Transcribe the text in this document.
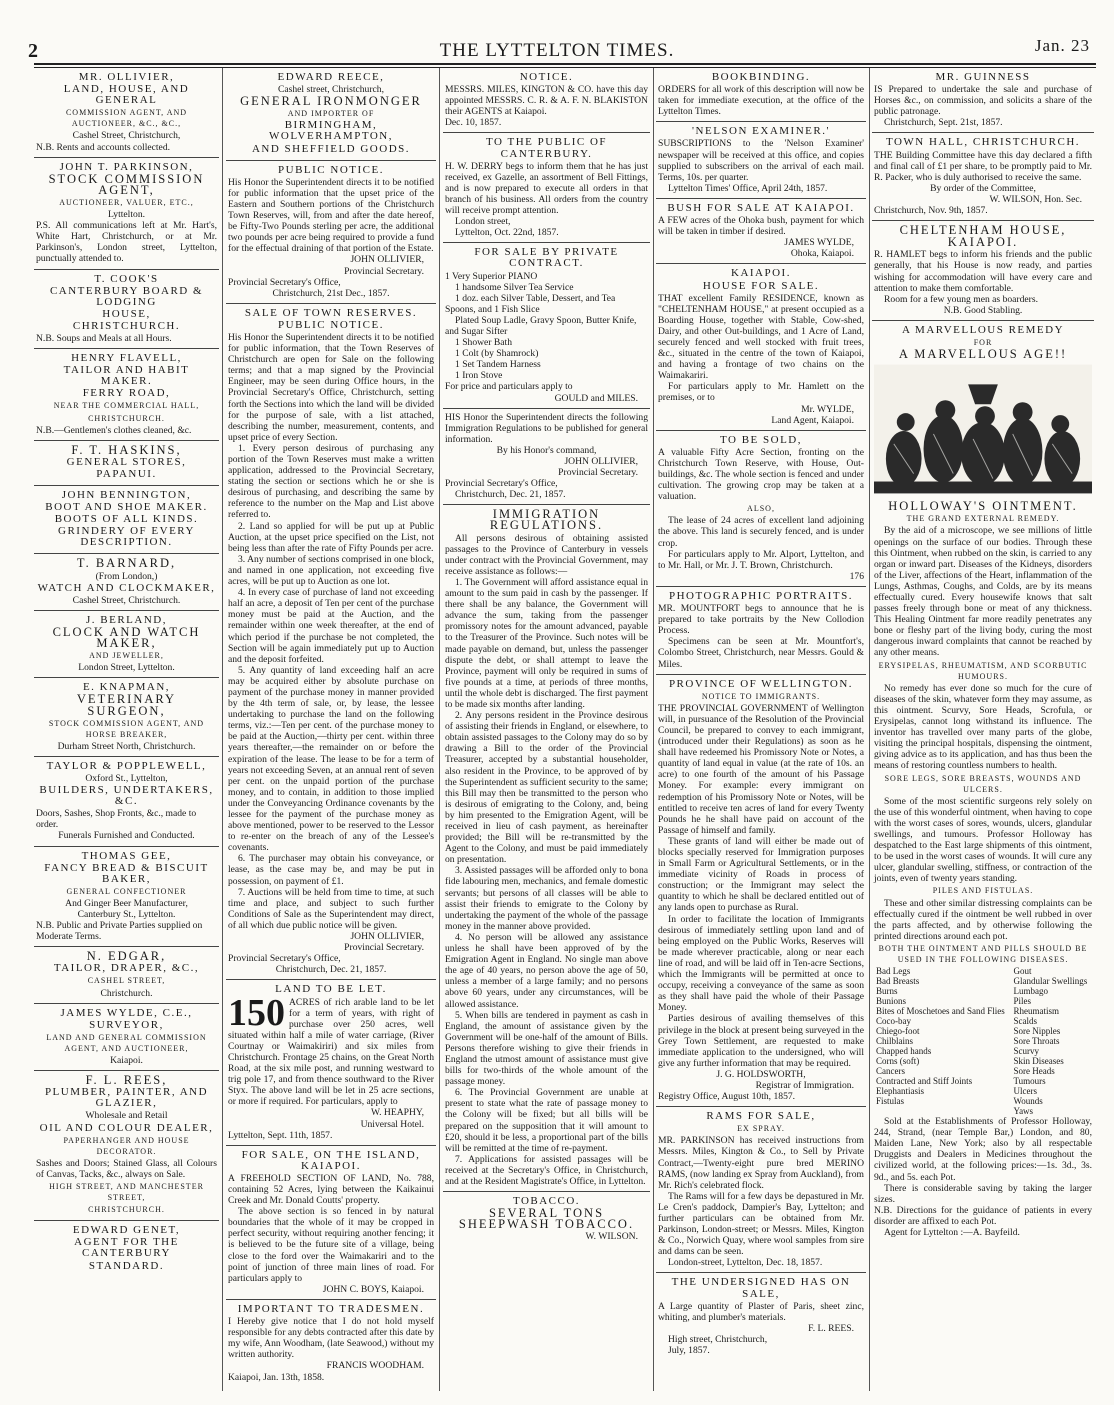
2	THE LYTTELTON TIMES.	Jan. 23

MR. OLLIVIER,

LAND, HOUSE, AND GENERAL

COMMISSION AGENT, AND AUCTIONEER, &C., &C.,

Cashel Street, Christchurch,

N.B. Rents and accounts collected.

JOHN T. PARKINSON,

STOCK COMMISSION AGENT,

AUCTIONEER, VALUER, ETC.,

Lyttelton.

P.S. All communications left at Mr. Hart's, White Hart, Christchurch, or at Mr. Parkinson's, London street, Lyttelton, punctually attended to.

T. COOK'S

CANTERBURY BOARD & LODGING

HOUSE,

CHRISTCHURCH.

N.B. Soups and Meals at all Hours.

HENRY FLAVELL,

TAILOR AND HABIT MAKER.

FERRY ROAD,

NEAR THE COMMERCIAL HALL,

CHRISTCHURCH.

N.B.—Gentlemen's clothes cleaned, &c.

F. T. HASKINS,

GENERAL STORES,

PAPANUI.

JOHN BENNINGTON,

BOOT AND SHOE MAKER.

BOOTS OF ALL KINDS.

GRINDERY OF EVERY DESCRIPTION.

T. BARNARD,

(From London,)

WATCH AND CLOCKMAKER,

Cashel Street, Christchurch.

J. BERLAND,

CLOCK AND WATCH MAKER,

AND JEWELLER,

London Street, Lyttelton.

E. KNAPMAN,

VETERINARY SURGEON,

STOCK COMMISSION AGENT, AND HORSE BREAKER,

Durham Street North, Christchurch.

TAYLOR & POPPLEWELL,

Oxford St., Lyttelton,

BUILDERS, UNDERTAKERS, &C.

Doors, Sashes, Shop Fronts, &c., made to order.

Funerals Furnished and Conducted.

THOMAS GEE,

FANCY BREAD & BISCUIT BAKER,

GENERAL CONFECTIONER

And Ginger Beer Manufacturer,

Canterbury St., Lyttelton.

N.B. Public and Private Parties supplied on Moderate Terms.

N. EDGAR,

TAILOR, DRAPER, &C.,

CASHEL STREET,

Christchurch.

JAMES WYLDE, C.E.,

SURVEYOR,

LAND AND GENERAL COMMISSION AGENT, AND AUCTIONEER,

Kaiapoi.

F. L. REES,

PLUMBER, PAINTER, AND GLAZIER,

Wholesale and Retail

OIL AND COLOUR DEALER,

PAPERHANGER AND HOUSE DECORATOR.

Sashes and Doors; Stained Glass, all Colours of Canvas, Tacks, &c., always on Sale.

HIGH STREET, AND MANCHESTER STREET,

CHRISTCHURCH.

EDWARD GENET,

AGENT FOR THE CANTERBURY

STANDARD.

EDWARD REECE,

Cashel street, Christchurch,

GENERAL IRONMONGER

AND IMPORTER OF

BIRMINGHAM, WOLVERHAMPTON,

AND SHEFFIELD GOODS.

PUBLIC NOTICE.

His Honor the Superintendent directs it to be notified for public information that the upset price of the Eastern and Southern portions of the Christchurch Town Reserves, will, from and after the date hereof, be Fifty-Two Pounds sterling per acre, the additional two pounds per acre being required to provide a fund for the effectual draining of that portion of the Estate.

JOHN OLLIVIER,

Provincial Secretary.

Provincial Secretary's Office,

Christchurch, 21st Dec., 1857.

SALE OF TOWN RESERVES.

PUBLIC NOTICE.

His Honor the Superintendent directs it to be notified for public information, that the Town Reserves of Christchurch are open for Sale on the following terms; and that a map signed by the Provincial Engineer, may be seen during Office hours, in the Provincial Secretary's Office, Christchurch, setting forth the Sections into which the land will be divided for the purpose of sale, with a list attached, describing the number, measurement, contents, and upset price of every Section.

1. Every person desirous of purchasing any portion of the Town Reserves must make a written application, addressed to the Provincial Secretary, stating the section or sections which he or she is desirous of purchasing, and describing the same by reference to the number on the Map and List above referred to.

2. Land so applied for will be put up at Public Auction, at the upset price specified on the List, not being less than after the rate of Fifty Pounds per acre.

3. Any number of sections comprised in one block, and named in one application, not exceeding five acres, will be put up to Auction as one lot.

4. In every case of purchase of land not exceeding half an acre, a deposit of Ten per cent of the purchase money must be paid at the Auction, and the remainder within one week thereafter, at the end of which period if the purchase be not completed, the Section will be again immediately put up to Auction and the deposit forfeited.

5. Any quantity of land exceeding half an acre may be acquired either by absolute purchase on payment of the purchase money in manner provided by the 4th term of sale, or, by lease, the lessee undertaking to purchase the land on the following terms, viz.:—Ten per cent. of the purchase money to be paid at the Auction,—thirty per cent. within three years thereafter,—the remainder on or before the expiration of the lease. The lease to be for a term of years not exceeding Seven, at an annual rent of seven per cent. on the unpaid portion of the purchase money, and to contain, in addition to those implied under the Conveyancing Ordinance covenants by the lessee for the payment of the purchase money as above mentioned, power to be reserved to the Lessor to re-enter on the breach of any of the Lessee's covenants.

6. The purchaser may obtain his conveyance, or lease, as the case may be, and may be put in possession, on payment of £1.

7. Auctions will be held from time to time, at such time and place, and subject to such further Conditions of Sale as the Superintendent may direct, of all which due public notice will be given.

JOHN OLLIVIER,

Provincial Secretary.

Provincial Secretary's Office,

Christchurch, Dec. 21, 1857.

LAND TO BE LET.

150 ACRES of rich arable land to be let for a term of years, with right of purchase over 250 acres, well situated within half a mile of water carriage, (River Courtnay or Waimakiriri) and six miles from Christchurch. Frontage 25 chains, on the Great North Road, at the six mile post, and running westward to trig pole 17, and from thence southward to the River Styx. The above land will be let in 25 acre sections, or more if required. For particulars, apply to

W. HEAPHY,

Universal Hotel.

Lyttelton, Sept. 11th, 1857.

FOR SALE, ON THE ISLAND, KAIAPOI.

A FREEHOLD SECTION OF LAND, No. 788, containing 52 Acres, lying between the Kaikainui Creek and Mr. Donald Coutts' property.

The above section is so fenced in by natural boundaries that the whole of it may be cropped in perfect security, without requiring another fencing; it is believed to be the future site of a village, being close to the ford over the Waimakariri and to the point of junction of three main lines of road. For particulars apply to

JOHN C. BOYS, Kaiapoi.

IMPORTANT TO TRADESMEN.

I Hereby give notice that I do not hold myself responsible for any debts contracted after this date by my wife, Ann Woodham, (late Seawood,) without my written authority.

FRANCIS WOODHAM.

Kaiapoi, Jan. 13th, 1858.

NOTICE.

MESSRS. MILES, KINGTON & CO. have this day appointed MESSRS. C. R. & A. F. N. BLAKISTON their AGENTS at Kaiapoi.

Dec. 10, 1857.

TO THE PUBLIC OF CANTERBURY.

H. W. DERRY begs to inform them that he has just received, ex Gazelle, an assortment of Bell Fittings, and is now prepared to execute all orders in that branch of his business. All orders from the country will receive prompt attention.

London street,

Lyttelton, Oct. 22nd, 1857.

FOR SALE BY PRIVATE CONTRACT.

1 Very Superior PIANO

1 handsome Silver Tea Service

1 doz. each Silver Table, Dessert, and Tea Spoons, and 1 Fish Slice

Plated Soup Ladle, Gravy Spoon, Butter Knife, and Sugar Sifter

1 Shower Bath

1 Colt (by Shamrock)

1 Set Tandem Harness

1 Iron Stove

For price and particulars apply to

GOULD and MILES.

HIS Honor the Superintendent directs the following Immigration Regulations to be published for general information.

By his Honor's command,

JOHN OLLIVIER,

Provincial Secretary.

Provincial Secretary's Office,

Christchurch, Dec. 21, 1857.

IMMIGRATION REGULATIONS.

All persons desirous of obtaining assisted passages to the Province of Canterbury in vessels under contract with the Provincial Government, may receive assistance as follows:—

1. The Government will afford assistance equal in amount to the sum paid in cash by the passenger. If there shall be any balance, the Government will advance the sum, taking from the passenger promissory notes for the amount advanced, payable to the Treasurer of the Province. Such notes will be made payable on demand, but, unless the passenger dispute the debt, or shall attempt to leave the Province, payment will only be required in sums of five pounds at a time, at periods of three months, until the whole debt is discharged. The first payment to be made six months after landing.

2. Any persons resident in the Province desirous of assisting their friends in England, or elsewhere, to obtain assisted passages to the Colony may do so by drawing a Bill to the order of the Provincial Treasurer, accepted by a substantial householder, also resident in the Province, to be approved of by the Superintendent as sufficient security to the same; this Bill may then be transmitted to the person who is desirous of emigrating to the Colony, and, being by him presented to the Emigration Agent, will be received in lieu of cash payment, as hereinafter provided; the Bill will be re-transmitted by the Agent to the Colony, and must be paid immediately on presentation.

3. Assisted passages will be afforded only to bona fide labouring men, mechanics, and female domestic servants; but persons of all classes will be able to assist their friends to emigrate to the Colony by undertaking the payment of the whole of the passage money in the manner above provided.

4. No person will be allowed any assistance unless he shall have been approved of by the Emigration Agent in England. No single man above the age of 40 years, no person above the age of 50, unless a member of a large family; and no persons above 60 years, under any circumstances, will be allowed assistance.

5. When bills are tendered in payment as cash in England, the amount of assistance given by the Government will be one-half of the amount of Bills. Persons therefore wishing to give their friends in England the utmost amount of assistance must give bills for two-thirds of the whole amount of the passage money.

6. The Provincial Government are unable at present to state what the rate of passage money to the Colony will be fixed; but all bills will be prepared on the supposition that it will amount to £20, should it be less, a proportional part of the bills will be remitted at the time of re-payment.

7. Applications for assisted passages will be received at the Secretary's Office, in Christchurch, and at the Resident Magistrate's Office, in Lyttelton.

TOBACCO.

SEVERAL TONS SHEEPWASH TOBACCO.

W. WILSON.

BOOKBINDING.

ORDERS for all work of this description will now be taken for immediate execution, at the office of the Lyttelton Times.

'NELSON EXAMINER.'

SUBSCRIPTIONS to the 'Nelson Examiner' newspaper will be received at this office, and copies supplied to subscribers on the arrival of each mail. Terms, 10s. per quarter.

Lyttelton Times' Office, April 24th, 1857.

BUSH FOR SALE AT KAIAPOI.

A FEW acres of the Ohoka bush, payment for which will be taken in timber if desired.

JAMES WYLDE,

Ohoka, Kaiapoi.

KAIAPOI.

HOUSE FOR SALE.

THAT excellent Family RESIDENCE, known as "CHELTENHAM HOUSE," at present occupied as a Boarding House, together with Stable, Cow-shed, Dairy, and other Out-buildings, and 1 Acre of Land, securely fenced and well stocked with fruit trees, &c., situated in the centre of the town of Kaiapoi, and having a frontage of two chains on the Waimakariri.

For particulars apply to Mr. Hamlett on the premises, or to

Mr. WYLDE,

Land Agent, Kaiapoi.

TO BE SOLD,

A valuable Fifty Acre Section, fronting on the Christchurch Town Reserve, with House, Out-buildings, &c. The whole section is fenced and under cultivation. The growing crop may be taken at a valuation.

ALSO,

The lease of 24 acres of excellent land adjoining the above. This land is securely fenced, and is under crop.

For particulars apply to Mr. Alport, Lyttelton, and to Mr. Hall, or Mr. J. T. Brown, Christchurch.

176

PHOTOGRAPHIC PORTRAITS.

MR. MOUNTFORT begs to announce that he is prepared to take portraits by the New Collodion Process.

Specimens can be seen at Mr. Mountfort's, Colombo Street, Christchurch, near Messrs. Gould & Miles.

PROVINCE OF WELLINGTON.

NOTICE TO IMMIGRANTS.

THE PROVINCIAL GOVERNMENT of Wellington will, in pursuance of the Resolution of the Provincial Council, be prepared to convey to each immigrant, (introduced under their Regulations) as soon as he shall have redeemed his Promissory Note or Notes, a quantity of land equal in value (at the rate of 10s. an acre) to one fourth of the amount of his Passage Money. For example: every immigrant on redemption of his Promissory Note or Notes, will be entitled to receive ten acres of land for every Twenty Pounds he he shall have paid on account of the Passage of himself and family.

These grants of land will either be made out of blocks specially reserved for Immigration purposes in Small Farm or Agricultural Settlements, or in the immediate vicinity of Roads in process of construction; or the Immigrant may select the quantity to which he shall be declared entitled out of any lands open to purchase as Rural.

In order to facilitate the location of Immigrants desirous of immediately settling upon land and of being employed on the Public Works, Reserves will be made wherever practicable, along or near each line of road, and will be laid off in Ten-acre Sections, which the Immigrants will be permitted at once to occupy, receiving a conveyance of the same as soon as they shall have paid the whole of their Passage Money.

Parties desirous of availing themselves of this privilege in the block at present being surveyed in the Grey Town Settlement, are requested to make immediate application to the undersigned, who will give any further information that may be required.

J. G. HOLDSWORTH,

Registrar of Immigration.

Registry Office, August 10th, 1857.

RAMS FOR SALE,

EX SPRAY.

MR. PARKINSON has received instructions from Messrs. Miles, Kington & Co., to Sell by Private Contract,—Twenty-eight pure bred MERINO RAMS, (now landing ex Spray from Auckland), from Mr. Rich's celebrated flock.

The Rams will for a few days be depastured in Mr. Le Cren's paddock, Dampier's Bay, Lyttelton; and further particulars can be obtained from Mr. Parkinson, London-street; or Messrs. Miles, Kington & Co., Norwich Quay, where wool samples from sire and dams can be seen.

London-street, Lyttelton, Dec. 18, 1857.

THE UNDERSIGNED HAS ON SALE,

A Large quantity of Plaster of Paris, sheet zinc, whiting, and plumber's materials.

F. L. REES.

High street, Christchurch,

July, 1857.

MR. GUINNESS

IS Prepared to undertake the sale and purchase of Horses &c., on commission, and solicits a share of the public patronage.

Christchurch, Sept. 21st, 1857.

TOWN HALL, CHRISTCHURCH.

THE Building Committee have this day declared a fifth and final call of £1 per share, to be promptly paid to Mr. R. Packer, who is duly authorised to receive the same.

By order of the Committee,

W. WILSON, Hon. Sec.

Christchurch, Nov. 9th, 1857.

CHELTENHAM HOUSE,

KAIAPOI.

R. HAMLET begs to inform his friends and the public generally, that his House is now ready, and parties wishing for accommodation will have every care and attention to make them comfortable.

Room for a few young men as boarders.

N.B. Good Stabling.

A MARVELLOUS REMEDY

FOR

A MARVELLOUS AGE!!

HOLLOWAY'S OINTMENT.

THE GRAND EXTERNAL REMEDY.

By the aid of a microscope, we see millions of little openings on the surface of our bodies. Through these this Ointment, when rubbed on the skin, is carried to any organ or inward part. Diseases of the Kidneys, disorders of the Liver, affections of the Heart, inflammation of the Lungs, Asthmas, Coughs, and Colds, are by its means effectually cured. Every housewife knows that salt passes freely through bone or meat of any thickness. This Healing Ointment far more readily penetrates any bone or fleshy part of the living body, curing the most dangerous inward complaints that cannot be reached by any other means.

ERYSIPELAS, RHEUMATISM, AND SCORBUTIC HUMOURS.

No remedy has ever done so much for the cure of diseases of the skin, whatever form they may assume, as this ointment. Scurvy, Sore Heads, Scrofula, or Erysipelas, cannot long withstand its influence. The inventor has travelled over many parts of the globe, visiting the principal hospitals, dispensing the ointment, giving advice as to its application, and has thus been the means of restoring countless numbers to health.

SORE LEGS, SORE BREASTS, WOUNDS AND ULCERS.

Some of the most scientific surgeons rely solely on the use of this wonderful ointment, when having to cope with the worst cases of sores, wounds, ulcers, glandular swellings, and tumours. Professor Holloway has despatched to the East large shipments of this ointment, to be used in the worst cases of wounds. It will cure any ulcer, glandular swelling, stiffness, or contraction of the joints, even of twenty years standing.

PILES AND FISTULAS.

These and other similar distressing complaints can be effectually cured if the ointment be well rubbed in over the parts affected, and by otherwise following the printed directions around each pot.

BOTH THE OINTMENT AND PILLS SHOULD BE USED IN THE FOLLOWING DISEASES.

Bad Legs	Gout
Bad Breasts	Glandular Swellings
Burns	Lumbago
Bunions	Piles
Bites of Moschetoes and Sand Flies	Rheumatism
Coco-bay	Scalds
Chiego-foot	Sore Nipples
Chilblains	Sore Throats
Chapped hands	Scurvy
Corns (soft)	Skin Diseases
Cancers	Sore Heads
Contracted and Stiff Joints	Tumours
Elephantiasis	Ulcers
Fistulas	Wounds
	Yaws

Sold at the Establishments of Professor Holloway, 244, Strand, (near Temple Bar,) London, and 80, Maiden Lane, New York; also by all respectable Druggists and Dealers in Medicines throughout the civilized world, at the following prices:—1s. 3d., 3s. 9d., and 5s. each Pot.

There is considerable saving by taking the larger sizes.

N.B. Directions for the guidance of patients in every disorder are affixed to each Pot.

Agent for Lyttelton :—A. Bayfeild.
